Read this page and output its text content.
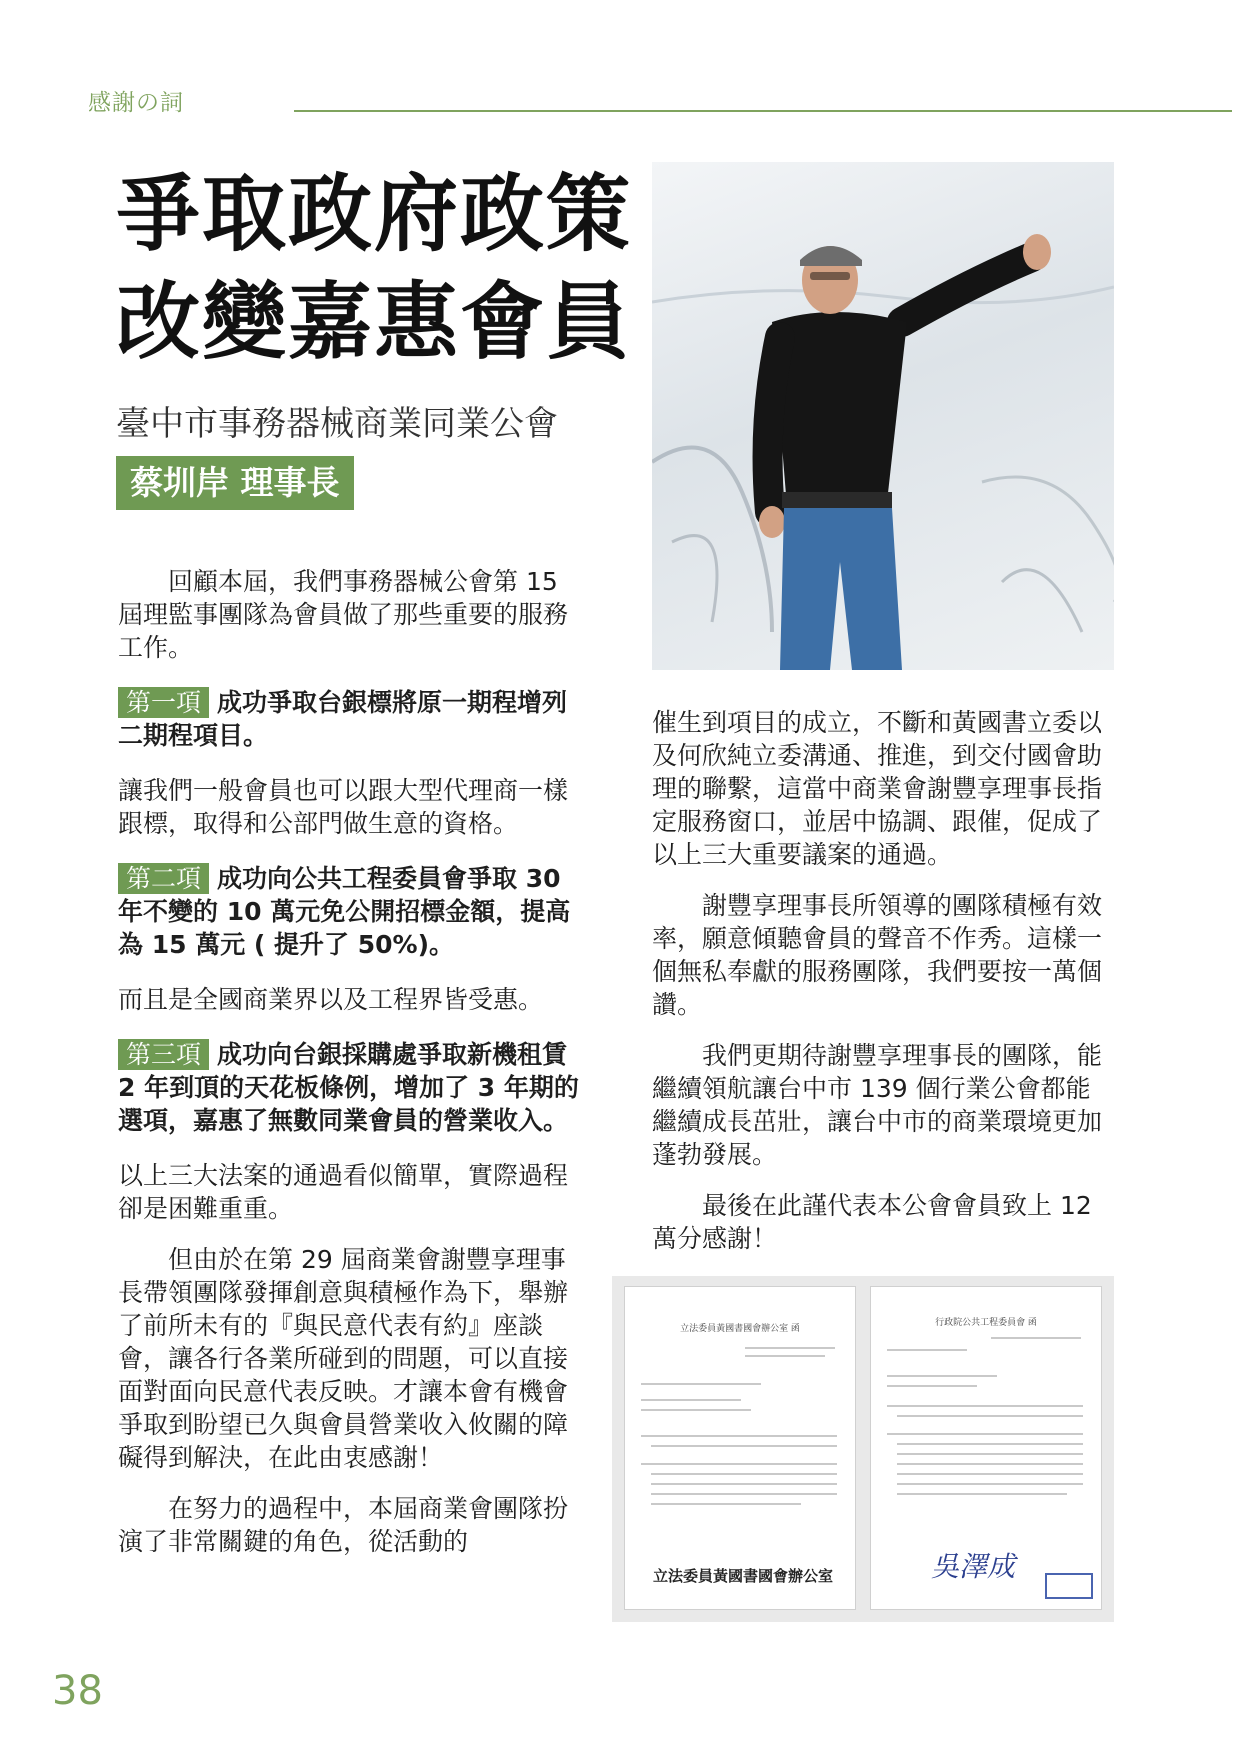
感謝の詞
爭取政府政策
改變嘉惠會員
臺中市事務器械商業同業公會
蔡圳岸 理事長

回顧本屆，我們事務器械公會第 15 屆理監事團隊為會員做了那些重要的服務工作。

第一項 成功爭取台銀標將原一期程增列二期程項目。

讓我們一般會員也可以跟大型代理商一樣跟標，取得和公部門做生意的資格。

第二項 成功向公共工程委員會爭取 30 年不變的 10 萬元免公開招標金額，提高為 15 萬元 ( 提升了 50%)。

而且是全國商業界以及工程界皆受惠。

第三項 成功向台銀採購處爭取新機租賃 2 年到頂的天花板條例，增加了 3 年期的選項，嘉惠了無數同業會員的營業收入。

以上三大法案的通過看似簡單，實際過程卻是困難重重。

但由於在第 29 屆商業會謝豐享理事長帶領團隊發揮創意與積極作為下，舉辦了前所未有的『與民意代表有約』座談會，讓各行各業所碰到的問題，可以直接面對面向民意代表反映。才讓本會有機會爭取到盼望已久與會員營業收入攸關的障礙得到解決，在此由衷感謝！

在努力的過程中，本屆商業會團隊扮演了非常關鍵的角色，從活動的

催生到項目的成立，不斷和黃國書立委以及何欣純立委溝通、推進，到交付國會助理的聯繫，這當中商業會謝豐享理事長指定服務窗口，並居中協調、跟催，促成了以上三大重要議案的通過。

謝豐享理事長所領導的團隊積極有效率，願意傾聽會員的聲音不作秀。這樣一個無私奉獻的服務團隊，我們要按一萬個讚。

我們更期待謝豐享理事長的團隊，能繼續領航讓台中市 139 個行業公會都能繼續成長茁壯，讓台中市的商業環境更加蓬勃發展。

最後在此謹代表本公會會員致上 12 萬分感謝！

立法委員黃國書國會辦公室 函
立法委員黃國書國會辦公室
行政院公共工程委員會 函
吳澤成
38
